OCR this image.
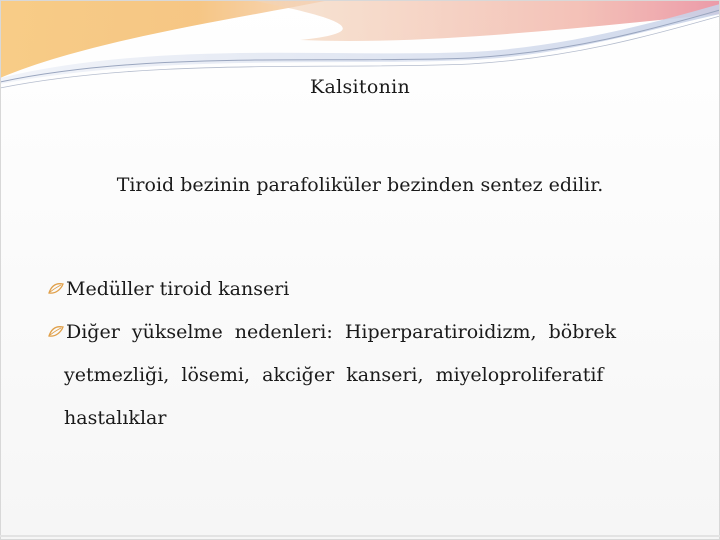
Kalsitonin
Tiroid bezinin parafoliküler bezinden sentez edilir.
Medüller tiroid kanseri
Diğer  yükselme  nedenleri:  Hiperparatiroidizm,  böbrek
yetmezliği,  lösemi,  akciğer  kanseri,  miyeloproliferatif
hastalıklar
